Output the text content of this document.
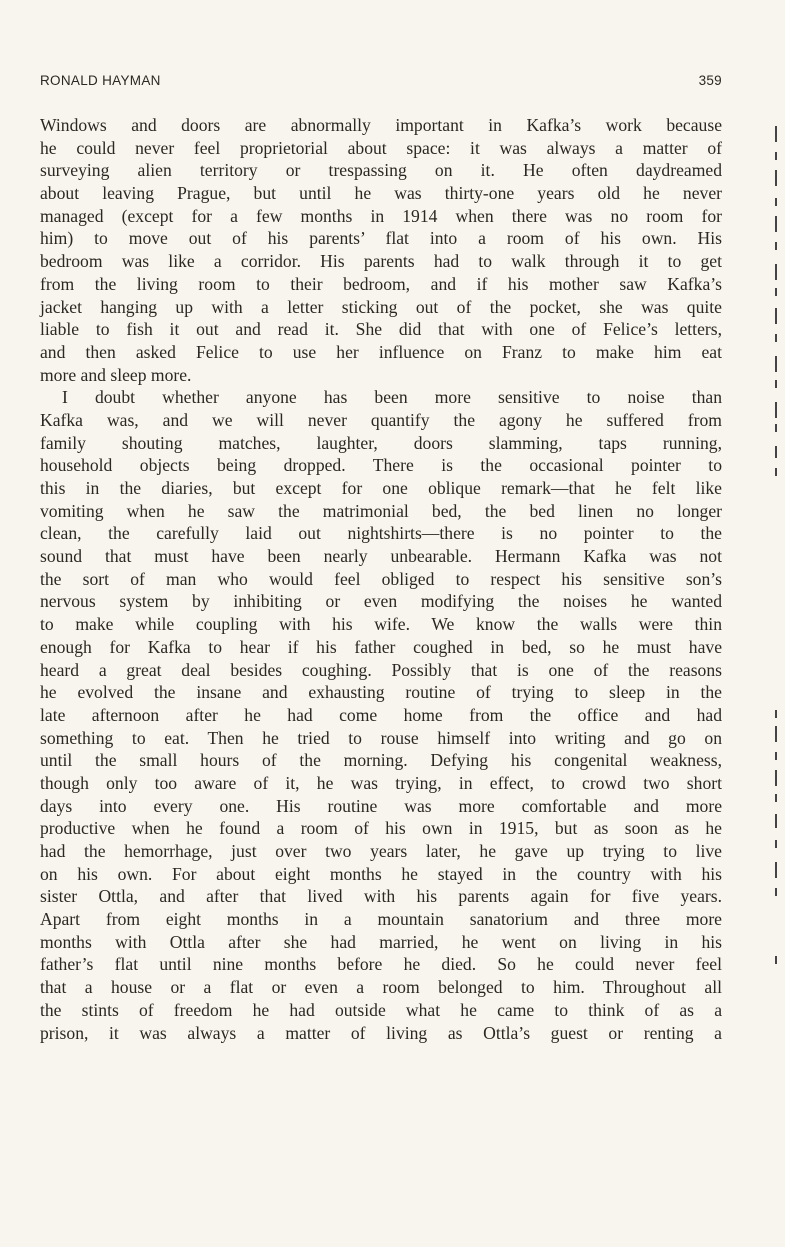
RONALD HAYMAN	359
Windows and doors are abnormally important in Kafka’s work because
he could never feel proprietorial about space: it was always a matter of
surveying alien territory or trespassing on it. He often daydreamed
about leaving Prague, but until he was thirty-one years old he never
managed (except for a few months in 1914 when there was no room for
him) to move out of his parents’ flat into a room of his own. His
bedroom was like a corridor. His parents had to walk through it to get
from the living room to their bedroom, and if his mother saw Kafka’s
jacket hanging up with a letter sticking out of the pocket, she was quite
liable to fish it out and read it. She did that with one of Felice’s letters,
and then asked Felice to use her influence on Franz to make him eat
more and sleep more.
I doubt whether anyone has been more sensitive to noise than
Kafka was, and we will never quantify the agony he suffered from
family shouting matches, laughter, doors slamming, taps running,
household objects being dropped. There is the occasional pointer to
this in the diaries, but except for one oblique remark—that he felt like
vomiting when he saw the matrimonial bed, the bed linen no longer
clean, the carefully laid out nightshirts—there is no pointer to the
sound that must have been nearly unbearable. Hermann Kafka was not
the sort of man who would feel obliged to respect his sensitive son’s
nervous system by inhibiting or even modifying the noises he wanted
to make while coupling with his wife. We know the walls were thin
enough for Kafka to hear if his father coughed in bed, so he must have
heard a great deal besides coughing. Possibly that is one of the reasons
he evolved the insane and exhausting routine of trying to sleep in the
late afternoon after he had come home from the office and had
something to eat. Then he tried to rouse himself into writing and go on
until the small hours of the morning. Defying his congenital weakness,
though only too aware of it, he was trying, in effect, to crowd two short
days into every one. His routine was more comfortable and more
productive when he found a room of his own in 1915, but as soon as he
had the hemorrhage, just over two years later, he gave up trying to live
on his own. For about eight months he stayed in the country with his
sister Ottla, and after that lived with his parents again for five years.
Apart from eight months in a mountain sanatorium and three more
months with Ottla after she had married, he went on living in his
father’s flat until nine months before he died. So he could never feel
that a house or a flat or even a room belonged to him. Throughout all
the stints of freedom he had outside what he came to think of as a
prison, it was always a matter of living as Ottla’s guest or renting a
